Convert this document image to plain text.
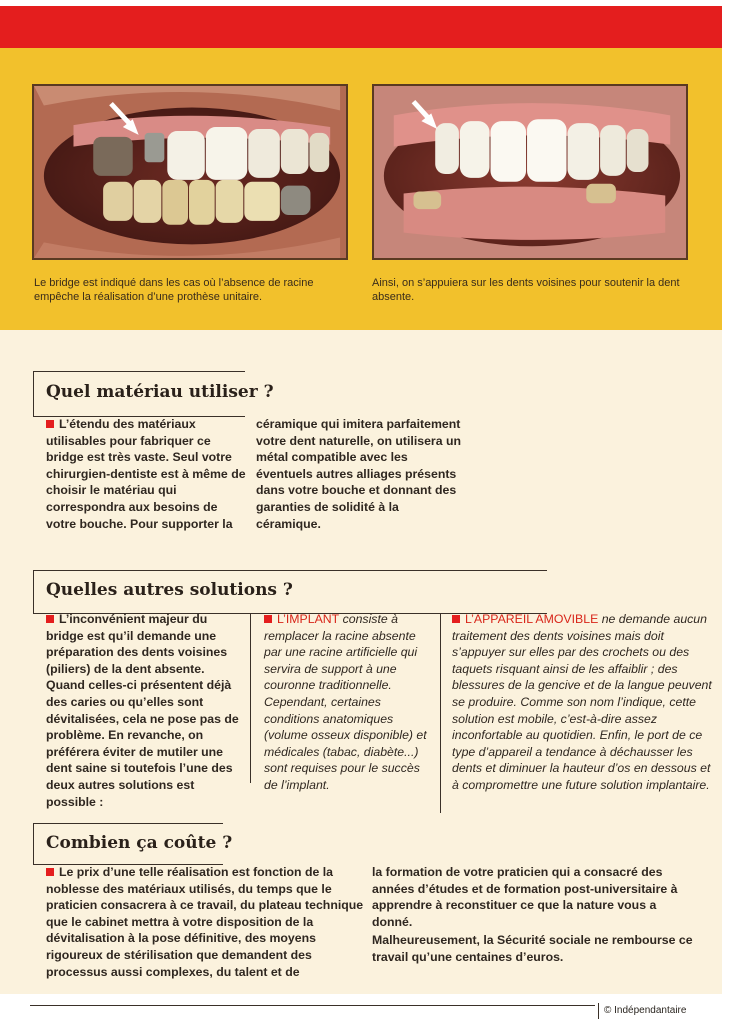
Le bridge est indiqué dans les cas où l’absence de racine empêche la réalisation d’une prothèse unitaire.
Ainsi, on s’appuiera sur les dents voisines pour soutenir la dent absente.
Quel matériau utiliser ?
L’étendu des matériaux utilisables pour fabriquer ce bridge est très vaste. Seul votre chirurgien-dentiste est à même de choisir le matériau qui correspondra aux besoins de votre bouche. Pour supporter la
céramique qui imitera parfaitement votre dent naturelle, on utilisera un métal compatible avec les éventuels autres alliages présents dans votre bouche et donnant des garanties de solidité à la céramique.
Quelles autres solutions ?
L’inconvénient majeur du bridge est qu’il demande une préparation des dents voisines (piliers) de la dent absente. Quand celles-ci présentent déjà des caries ou qu’elles sont dévitalisées, cela ne pose pas de problème. En revanche, on préférera éviter de mutiler une dent saine si toutefois l’une des deux autres solutions est possible :
L’IMPLANT consiste à remplacer la racine absente par une racine artificielle qui servira de support à une couronne traditionnelle. Cependant, certaines conditions anatomiques (volume osseux disponible) et médicales (tabac, diabète...) sont requises pour le succès de l’implant.
L’APPAREIL AMOVIBLE ne demande aucun traitement des dents voisines mais doit s’appuyer sur elles par des crochets ou des taquets risquant ainsi de les affaiblir ; des blessures de la gencive et de la langue peuvent se produire. Comme son nom l’indique, cette solution est mobile, c’est-à-dire assez inconfortable au quotidien. Enfin, le port de ce type d’appareil a tendance à déchausser les dents et diminuer la hauteur d’os en dessous et à compromettre une future solution implantaire.
Combien ça coûte ?
Le prix d’une telle réalisation est fonction de la noblesse des matériaux utilisés, du temps que le praticien consacrera à ce travail, du plateau technique que le cabinet mettra à votre disposition de la dévitalisation à la pose définitive, des moyens rigoureux de stérilisation que demandent des processus aussi complexes, du talent et de
la formation de votre praticien qui a consacré des années d’études et de formation post-universitaire à apprendre à reconstituer ce que la nature vous a donné.
Malheureusement, la Sécurité sociale ne rembourse ce travail qu’une centaines d’euros.
© Indépendantaire
